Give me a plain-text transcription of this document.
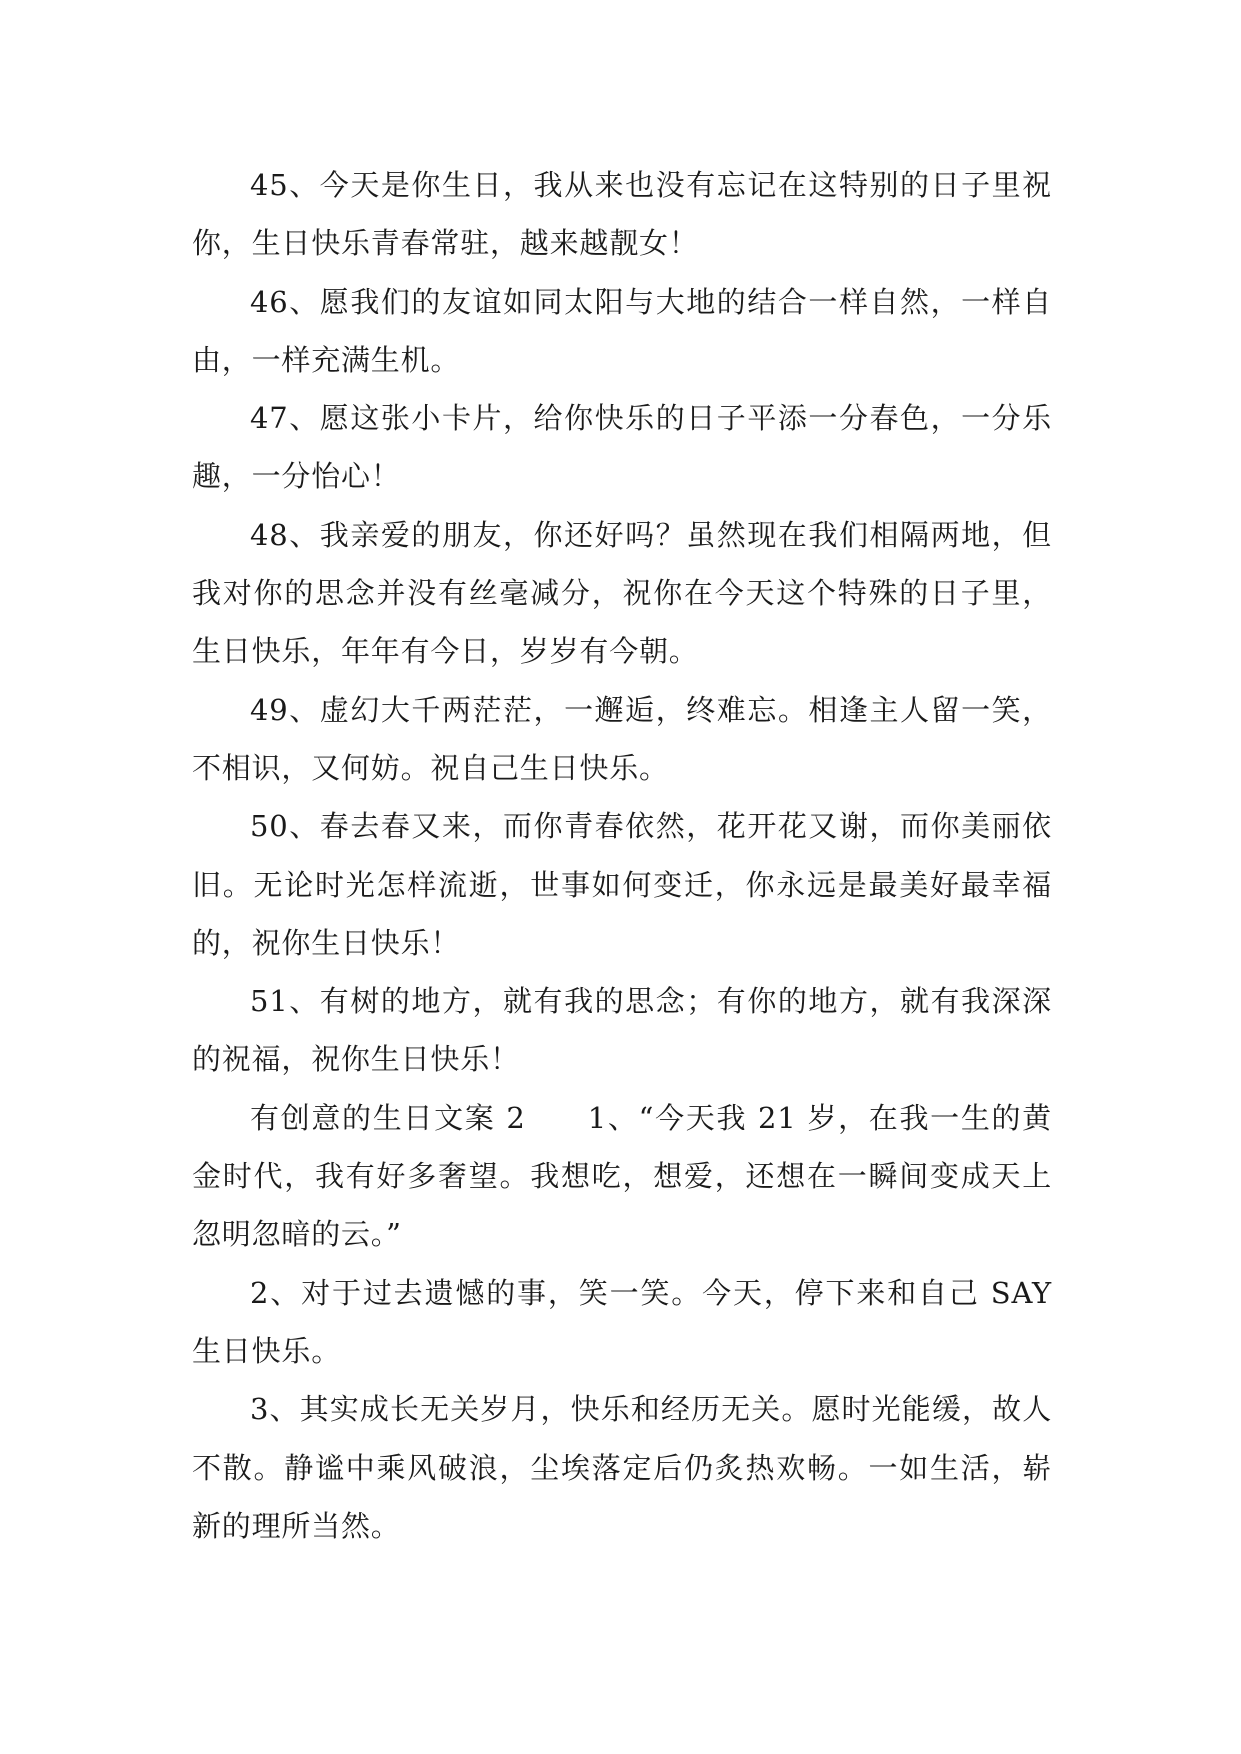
45、今天是你生日，我从来也没有忘记在这特别的日子里祝你，生日快乐青春常驻，越来越靓女！

46、愿我们的友谊如同太阳与大地的结合一样自然，一样自由，一样充满生机。

47、愿这张小卡片，给你快乐的日子平添一分春色，一分乐趣，一分怡心！

48、我亲爱的朋友，你还好吗？虽然现在我们相隔两地，但我对你的思念并没有丝毫减分，祝你在今天这个特殊的日子里，生日快乐，年年有今日，岁岁有今朝。

49、虚幻大千两茫茫，一邂逅，终难忘。相逢主人留一笑，不相识，又何妨。祝自己生日快乐。

50、春去春又来，而你青春依然，花开花又谢，而你美丽依旧。无论时光怎样流逝，世事如何变迁，你永远是最美好最幸福的，祝你生日快乐！

51、有树的地方，就有我的思念；有你的地方，就有我深深的祝福，祝你生日快乐！

有创意的生日文案 2　　1、“今天我 21 岁，在我一生的黄金时代，我有好多奢望。我想吃，想爱，还想在一瞬间变成天上忽明忽暗的云。”

2、对于过去遗憾的事，笑一笑。今天，停下来和自己 SAY 生日快乐。

3、其实成长无关岁月，快乐和经历无关。愿时光能缓，故人不散。静谧中乘风破浪，尘埃落定后仍炙热欢畅。一如生活，崭新的理所当然。
